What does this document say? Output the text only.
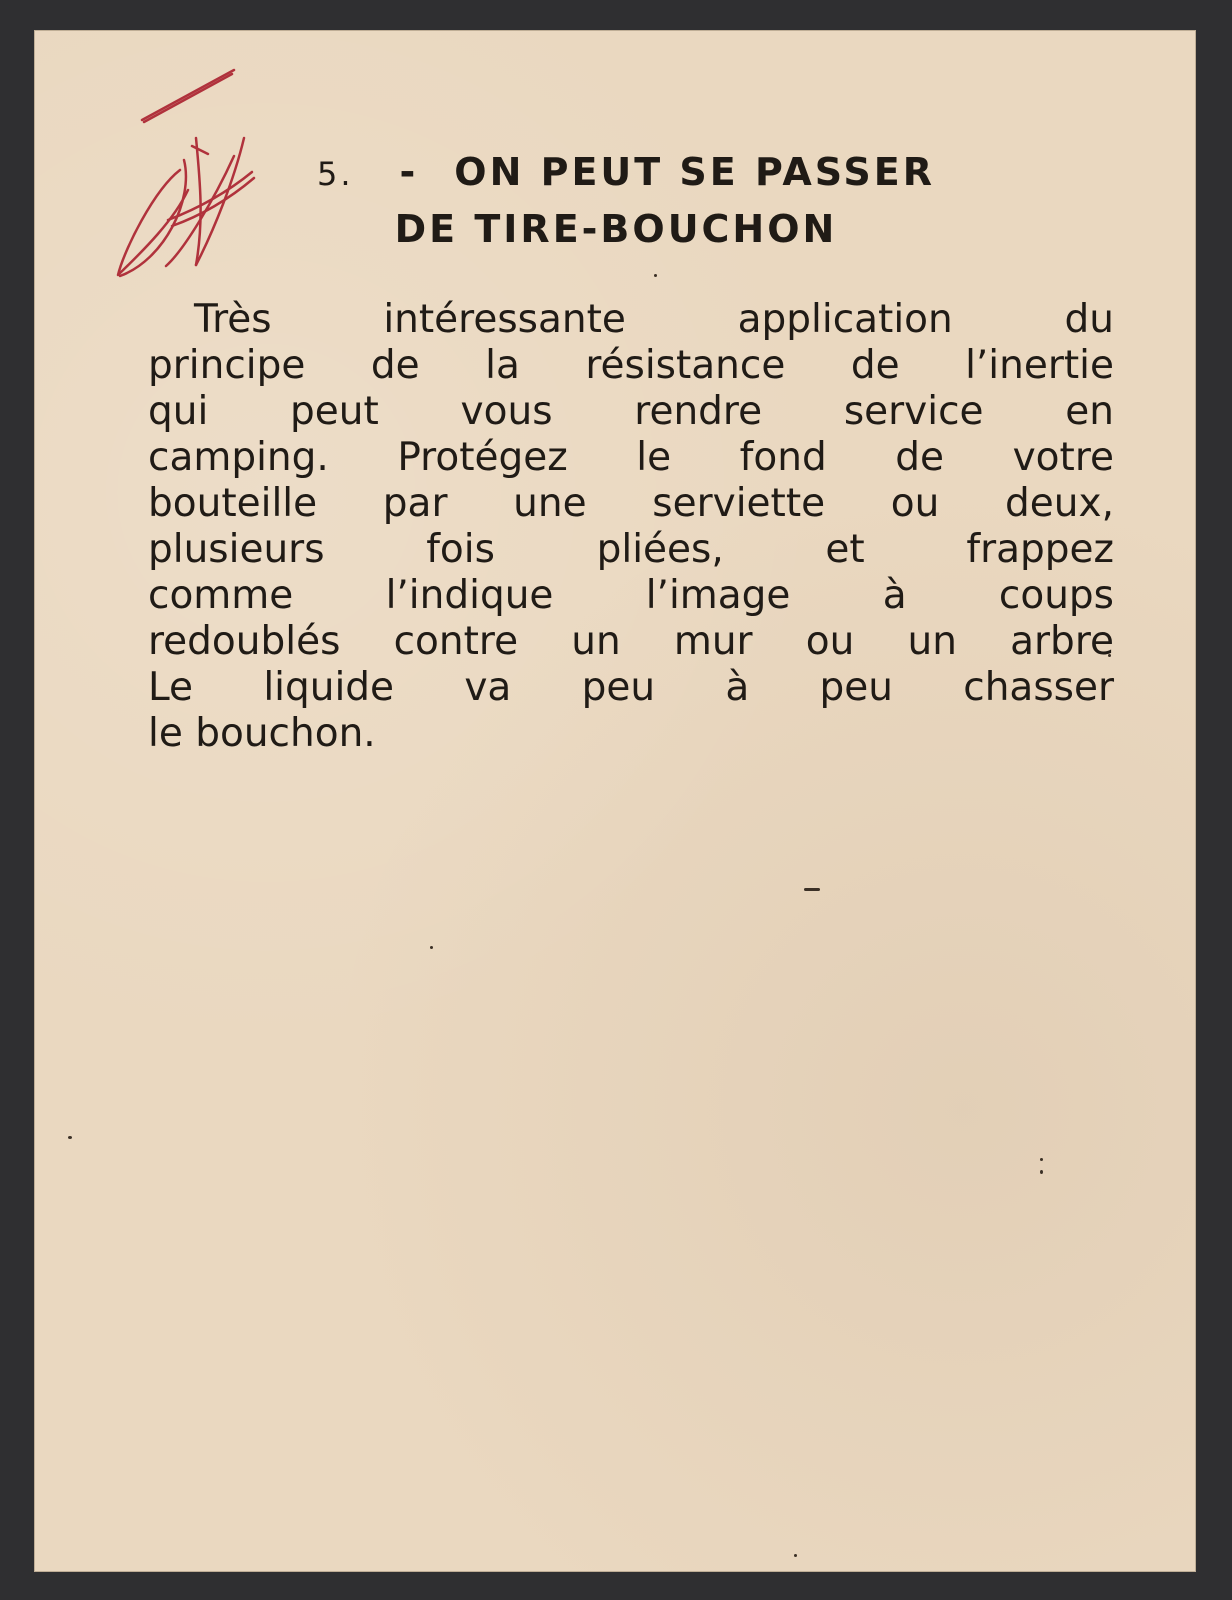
5. - ON PEUT SE PASSER
DE TIRE-BOUCHON

Très intéressante application du
principe de la résistance de l’inertie
qui peut vous rendre service en
camping. Protégez le fond de votre
bouteille par une serviette ou deux,
plusieurs fois pliées, et frappez
comme l’indique l’image à coups
redoublés contre un mur ou un arbre
Le liquide va peu à peu chasser
le bouchon.
